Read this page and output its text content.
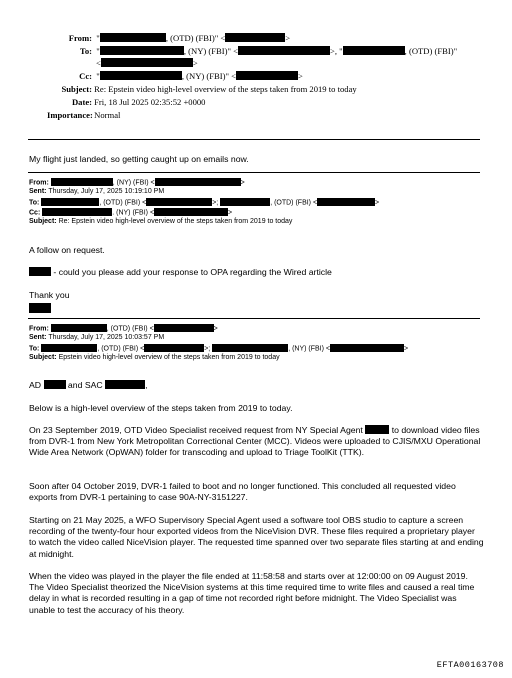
From:  "	, (OTD) (FBI)" <	>
To:  "	, (NY) (FBI)" <	>, "	, (OTD) (FBI)"
<	>
Cc:  "	, (NY) (FBI)" <	>
Subject: Re: Epstein video high-level overview of the steps taken from 2019 to today
Date: Fri, 18 Jul 2025 02:35:52 +0000
Importance: Normal
My flight just landed, so getting caught up on emails now.
From:	, (NY) (FBI) <	>
Sent: Thursday, July 17, 2025 10:19:10 PM
To:	, (OTD) (FBI) <	>;	, (OTD) (FBI) <	>
Cc:	. (NY) (FBI) <	>
Subject: Re: Epstein video high-level overview of the steps taken from 2019 to today
A follow on request.
- could you please add your response to OPA regarding the Wired article
Thank you
From:	, (OTD) (FBI) <	>
Sent: Thursday, July 17, 2025 10:03:57 PM
To:	, (OTD) (FBI) <	>;	, (NY) (FBI) <	>
Subject: Epstein video high-level overview of the steps taken from 2019 to today
AD	and SAC	,
Below is a high-level overview of the steps taken from 2019 to today.
On 23 September 2019, OTD Video Specialist received request from NY Special Agent	to download video files from DVR-1 from New York Metropolitan Correctional Center (MCC). Videos were uploaded to CJIS/MXU Operational Wide Area Network (OpWAN) folder for transcoding and upload to Triage ToolKit (TTK).
Soon after 04 October 2019, DVR-1 failed to boot and no longer functioned. This concluded all requested video exports from DVR-1 pertaining to case 90A-NY-3151227.
Starting on 21 May 2025, a WFO Supervisory Special Agent used a software tool OBS studio to capture a screen recording of the twenty-four hour exported videos from the NiceVision DVR. These files required a proprietary player to watch the video called NiceVision player. The requested time spanned over two separate files starting at and ending at midnight.
When the video was played in the player the file ended at 11:58:58 and starts over at 12:00:00 on 09 August 2019. The Video Specialist theorized the NiceVision systems at this time required time to write files and caused a real time delay in what is recorded resulting in a gap of time not recorded right before midnight. The Video Specialist was unable to test the accuracy of his theory.
EFTA00163708
